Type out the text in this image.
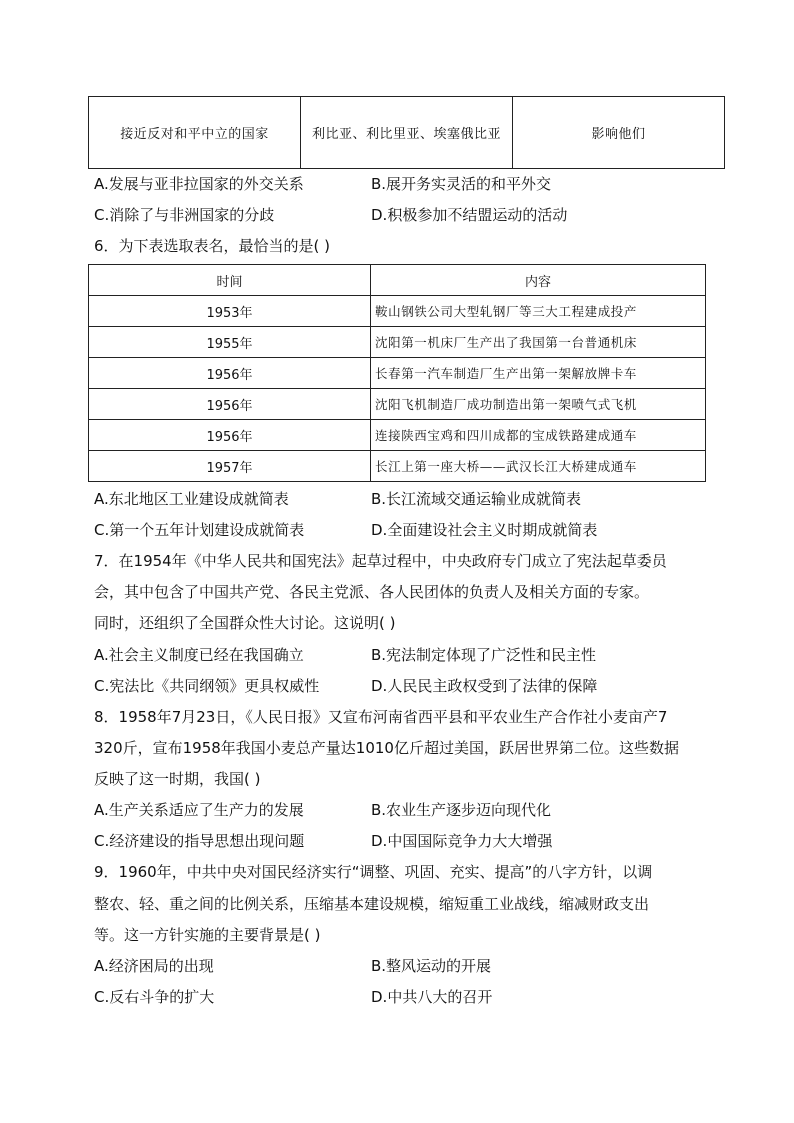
接近反对和平中立的国家	利比亚、利比里亚、埃塞俄比亚	影响他们
A.发展与亚非拉国家的外交关系	B.展开务实灵活的和平外交
C.消除了与非洲国家的分歧	D.积极参加不结盟运动的活动
6．为下表选取表名，最恰当的是( )
时间	内容
1953年	鞍山钢铁公司大型轧钢厂等三大工程建成投产
1955年	沈阳第一机床厂生产出了我国第一台普通机床
1956年	长春第一汽车制造厂生产出第一架解放牌卡车
1956年	沈阳飞机制造厂成功制造出第一架喷气式飞机
1956年	连接陕西宝鸡和四川成都的宝成铁路建成通车
1957年	长江上第一座大桥——武汉长江大桥建成通车
A.东北地区工业建设成就简表	B.长江流域交通运输业成就简表
C.第一个五年计划建设成就简表	D.全面建设社会主义时期成就简表
7．在1954年《中华人民共和国宪法》起草过程中，中央政府专门成立了宪法起草委员
会，其中包含了中国共产党、各民主党派、各人民团体的负责人及相关方面的专家。
同时，还组织了全国群众性大讨论。这说明( )
A.社会主义制度已经在我国确立	B.宪法制定体现了广泛性和民主性
C.宪法比《共同纲领》更具权威性	D.人民民主政权受到了法律的保障
8．1958年7月23日，《人民日报》又宣布河南省西平县和平农业生产合作社小麦亩产7
320斤，宣布1958年我国小麦总产量达1010亿斤超过美国，跃居世界第二位。这些数据
反映了这一时期，我国( )
A.生产关系适应了生产力的发展	B.农业生产逐步迈向现代化
C.经济建设的指导思想出现问题	D.中国国际竞争力大大增强
9．1960年，中共中央对国民经济实行“调整、巩固、充实、提高”的八字方针，以调
整农、轻、重之间的比例关系，压缩基本建设规模，缩短重工业战线，缩减财政支出
等。这一方针实施的主要背景是( )
A.经济困局的出现	B.整风运动的开展
C.反右斗争的扩大	D.中共八大的召开
